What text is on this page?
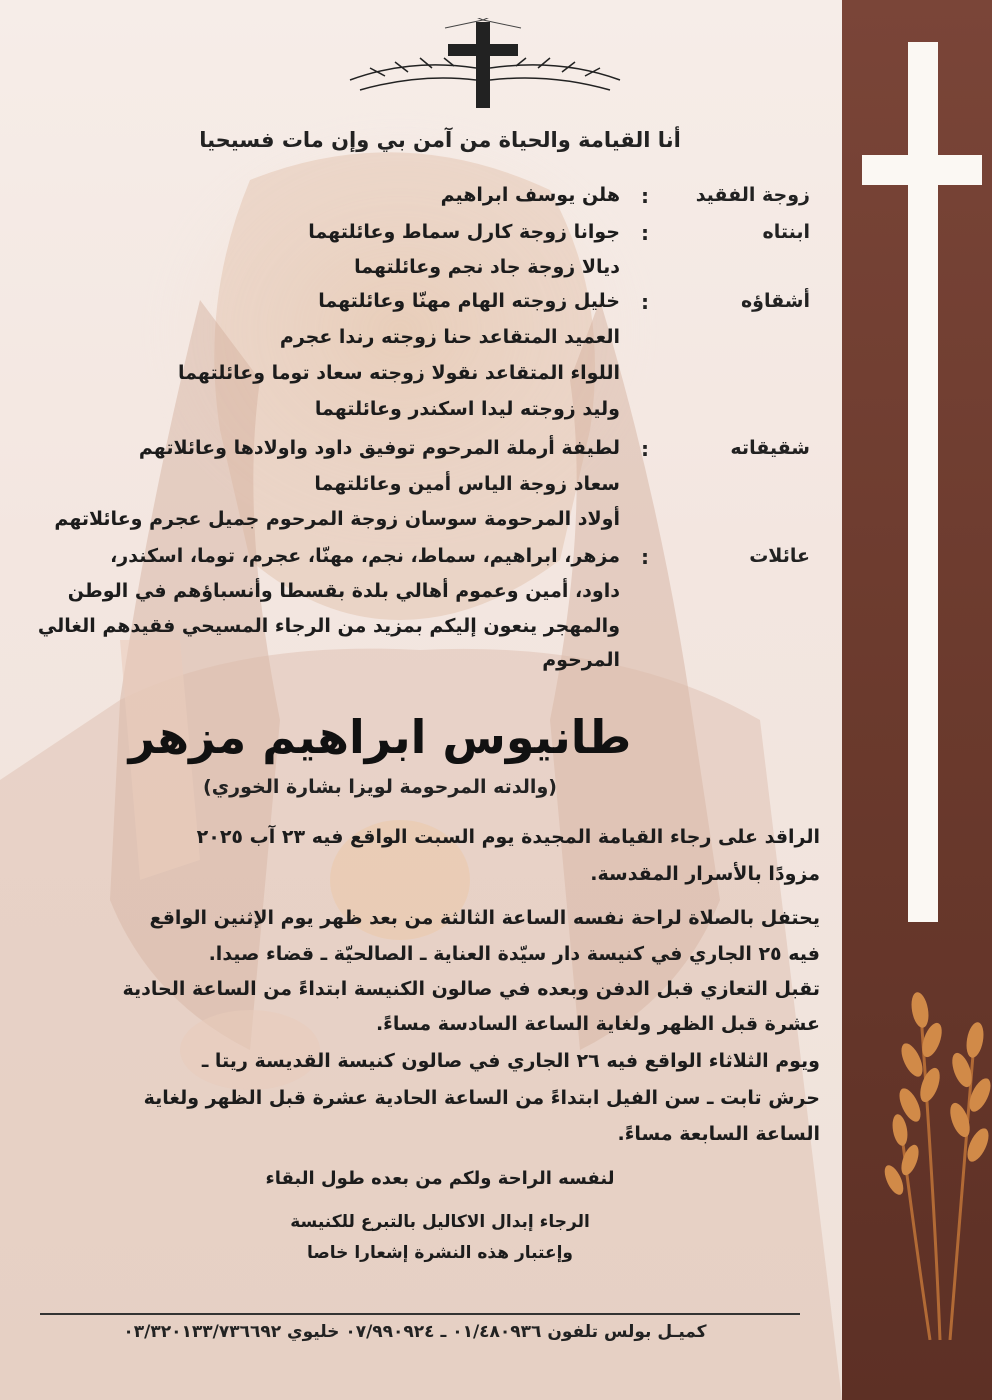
أنا القيامة والحياة من آمن بي وإن مات فسيحيا
زوجة الفقيد
:
هلن يوسف ابراهيم
ابنتاه
:
جوانا زوجة كارل سماط وعائلتهما
ديالا زوجة جاد نجم وعائلتهما
أشقاؤه
:
خليل زوجته الهام مهنّا وعائلتهما
العميد المتقاعد حنا زوجته رندا عجرم
اللواء المتقاعد نقولا زوجته سعاد توما وعائلتهما
وليد زوجته ليدا اسكندر وعائلتهما
شقيقاته
:
لطيفة أرملة المرحوم توفيق داود واولادها وعائلاتهم
سعاد زوجة الياس أمين وعائلتهما
أولاد المرحومة سوسان زوجة المرحوم جميل عجرم وعائلاتهم
عائلات
:
مزهر، ابراهيم، سماط، نجم، مهنّا، عجرم، توما، اسكندر،
داود، أمين وعموم أهالي بلدة بقسطا وأنسباؤهم في الوطن
والمهجر ينعون إليكم بمزيد من الرجاء المسيحي فقيدهم الغالي
المرحوم
طانيوس ابراهيم مزهر
(والدته المرحومة لويزا بشارة الخوري)
الراقد على رجاء القيامة المجيدة يوم السبت الواقع فيه ٢٣ آب ٢٠٢٥
مزودًا بالأسرار المقدسة.
يحتفل بالصلاة لراحة نفسه الساعة الثالثة من بعد ظهر يوم الإثنين الواقع
فيه ٢٥ الجاري في كنيسة دار سيّدة العناية ـ الصالحيّة ـ قضاء صيدا.
تقبل التعازي قبل الدفن وبعده في صالون الكنيسة ابتداءً من الساعة الحادية
عشرة قبل الظهر ولغاية الساعة السادسة مساءً.
ويوم الثلاثاء الواقع فيه ٢٦ الجاري في صالون كنيسة القديسة ريتا ـ
حرش تابت ـ سن الفيل ابتداءً من الساعة الحادية عشرة قبل الظهر ولغاية
الساعة السابعة مساءً.
لنفسه الراحة ولكم من بعده طول البقاء
الرجاء إبدال الاكاليل بالتبرع للكنيسة
وإعتبار هذه النشرة إشعارا خاصا
كميـل بولس تلفون ٠١/٤٨٠٩٣٦ ـ ٠٧/٩٩٠٩٢٤ خليوي ٠٣/٣٢٠١٣٣/٧٣٦٦٩٢
